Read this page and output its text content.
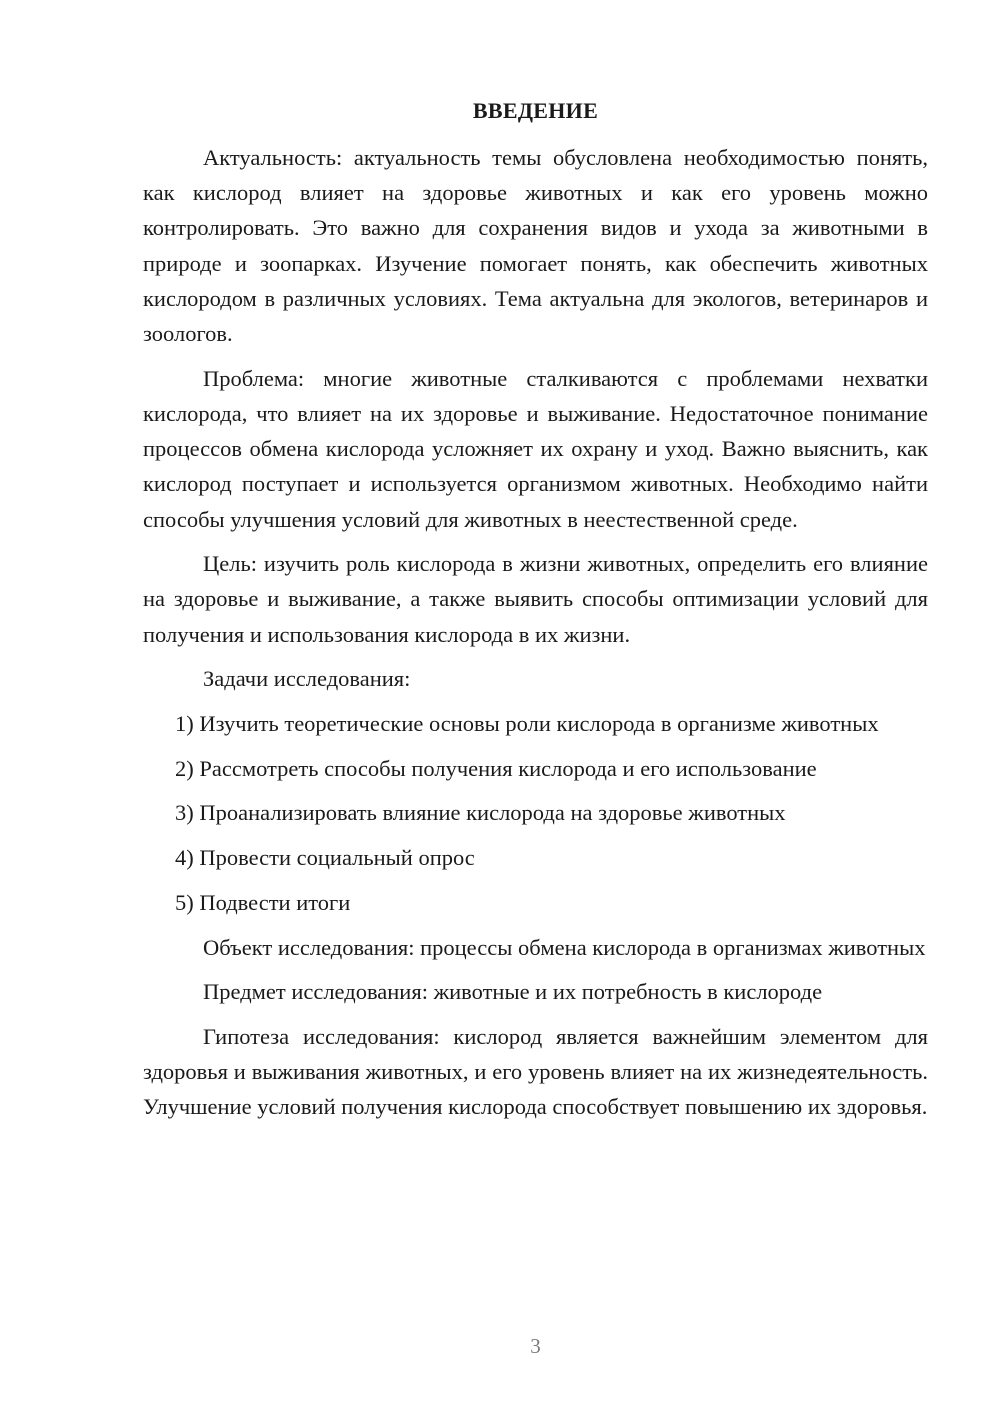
ВВЕДЕНИЕ

Актуальность: актуальность темы обусловлена необходимостью понять, как кислород влияет на здоровье животных и как его уровень можно контролировать. Это важно для сохранения видов и ухода за животными в природе и зоопарках. Изучение помогает понять, как обеспечить животных кислородом в различных условиях. Тема актуальна для экологов, ветеринаров и зоологов.

Проблема: многие животные сталкиваются с проблемами нехватки кислорода, что влияет на их здоровье и выживание. Недостаточное понимание процессов обмена кислорода усложняет их охрану и уход. Важно выяснить, как кислород поступает и используется организмом животных. Необходимо найти способы улучшения условий для животных в неестественной среде.

Цель: изучить роль кислорода в жизни животных, определить его влияние на здоровье и выживание, а также выявить способы оптимизации условий для получения и использования кислорода в их жизни.

Задачи исследования:

1) Изучить теоретические основы роли кислорода в организме животных

2) Рассмотреть способы получения кислорода и его использование

3) Проанализировать влияние кислорода на здоровье животных

4) Провести социальный опрос

5) Подвести итоги

Объект исследования: процессы обмена кислорода в организмах животных

Предмет исследования: животные и их потребность в кислороде

Гипотеза исследования: кислород является важнейшим элементом для здоровья и выживания животных, и его уровень влияет на их жизнедеятельность. Улучшение условий получения кислорода способствует повышению их здоровья.

3
